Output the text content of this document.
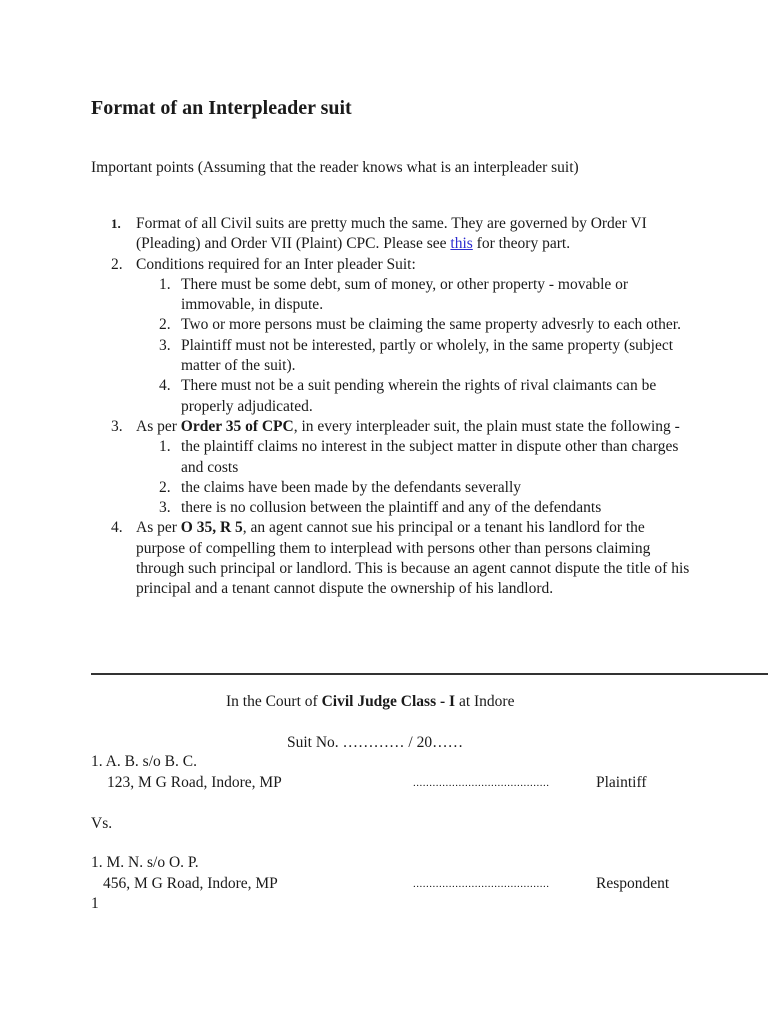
Format of an Interpleader suit

Important points (Assuming that the reader knows what is an interpleader suit)

1. Format of all Civil suits are pretty much the same. They are governed by Order VI (Pleading) and Order VII (Plaint) CPC. Please see this for theory part.
2. Conditions required for an Inter pleader Suit:
1. There must be some debt, sum of money, or other property - movable or immovable, in dispute.
2. Two or more persons must be claiming the same property advesrly to each other.
3. Plaintiff must not be interested, partly or wholely, in the same property (subject matter of the suit).
4. There must not be a suit pending wherein the rights of rival claimants can be properly adjudicated.
3. As per Order 35 of CPC, in every interpleader suit, the plain must state the following -
1. the plaintiff claims no interest in the subject matter in dispute other than charges and costs
2. the claims have been made by the defendants severally
3. there is no collusion between the plaintiff and any of the defendants
4. As per O 35, R 5, an agent cannot sue his principal or a tenant his landlord for the purpose of compelling them to interplead with persons other than persons claiming through such principal or landlord. This is because an agent cannot dispute the title of his principal and a tenant cannot dispute the ownership of his landlord.
In the Court of Civil Judge Class - I at Indore
Suit No. ………… / 20……
1. A. B. s/o B. C.
123, M G Road, Indore, MP	..........................................	Plaintiff
Vs.
1. M. N. s/o O. P.
456, M G Road, Indore, MP	..........................................	Respondent
1
